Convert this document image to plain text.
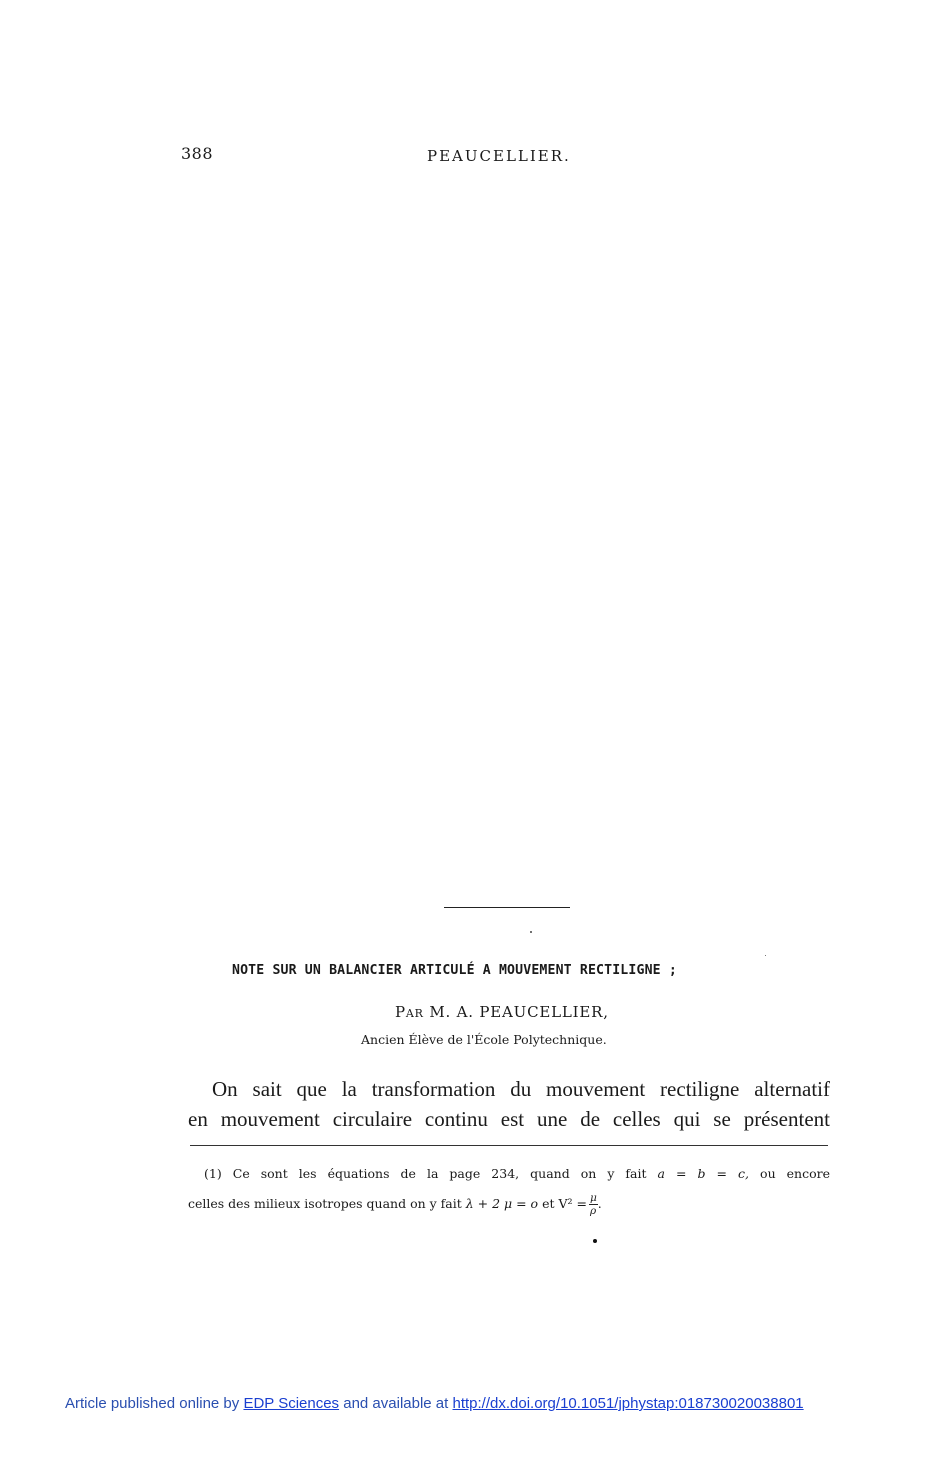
388	PEAUCELLIER.
NOTE SUR UN BALANCIER ARTICULÉ A MOUVEMENT RECTILIGNE ;
Par M. A. PEAUCELLIER,
Ancien Élève de l'École Polytechnique.
On sait que la transformation du mouvement rectiligne alternatif
en mouvement circulaire continu est une de celles qui se présentent
(1) Ce sont les équations de la page 234, quand on y fait a = b = c, ou encore
celles des milieux isotropes quand on y fait λ + 2 μ = o et $V^2 = \frac{\mu}{\rho}$ .
Article published online by EDP Sciences and available at http://dx.doi.org/10.1051/jphystap:018730020038801
